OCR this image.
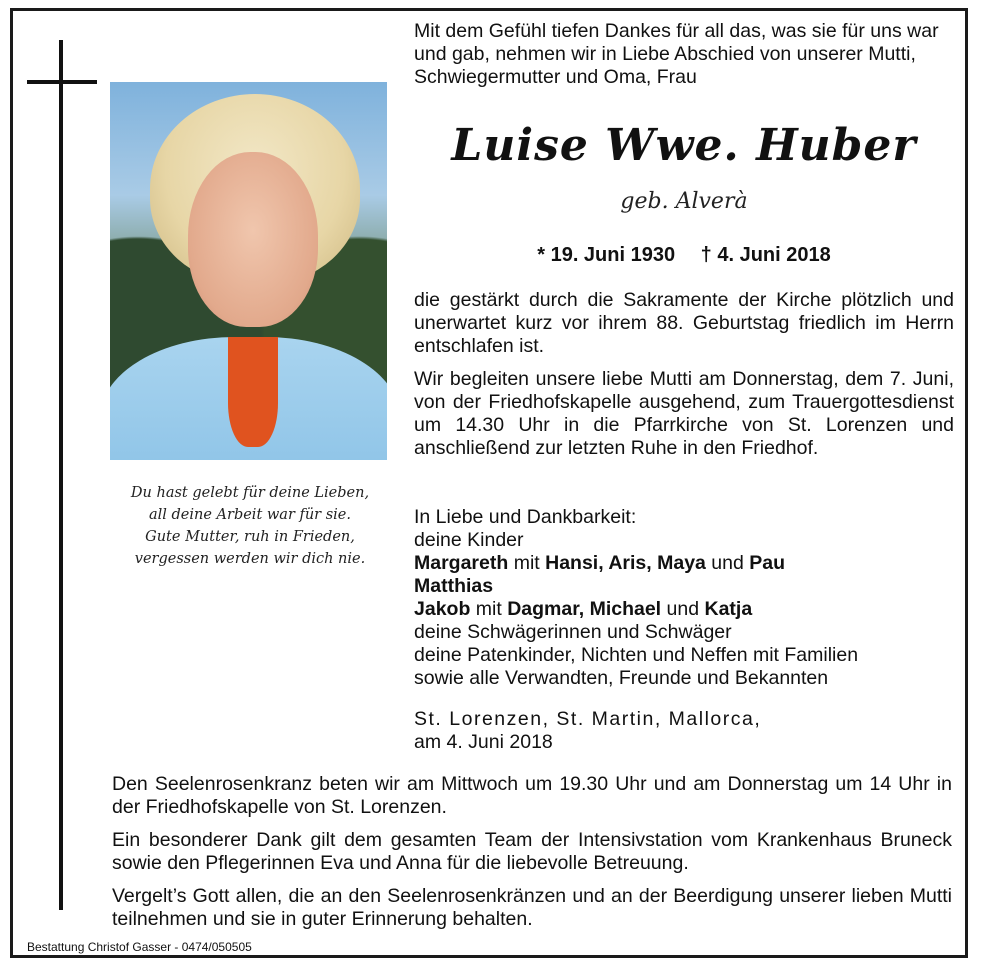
Du hast gelebt für deine Lieben,
all deine Arbeit war für sie.
Gute Mutter, ruh in Frieden,
vergessen werden wir dich nie.
Mit dem Gefühl tiefen Dankes für all das, was sie für uns war und gab, nehmen wir in Liebe Abschied von unserer Mutti, Schwiegermutter und Oma, Frau
Luise Wwe. Huber
geb. Alverà
* 19. Juni 1930 † 4. Juni 2018
die gestärkt durch die Sakramente der Kirche plötzlich und unerwartet kurz vor ihrem 88. Geburtstag friedlich im Herrn entschlafen ist.
Wir begleiten unsere liebe Mutti am Donnerstag, dem 7. Juni, von der Friedhofskapelle ausgehend, zum Trauergottesdienst um 14.30 Uhr in die Pfarrkirche von St. Lorenzen und anschließend zur letzten Ruhe in den Friedhof.

In Liebe und Dankbarkeit:

deine Kinder

Margareth mit Hansi, Aris, Maya und Pau

Matthias

Jakob mit Dagmar, Michael und Katja

deine Schwägerinnen und Schwäger

deine Patenkinder, Nichten und Neffen mit Familien

sowie alle Verwandten, Freunde und Bekannten

St. Lorenzen, St. Martin, Mallorca,

am 4. Juni 2018

Den Seelenrosenkranz beten wir am Mittwoch um 19.30 Uhr und am Donnerstag um 14 Uhr in der Friedhofskapelle von St. Lorenzen.
Ein besonderer Dank gilt dem gesamten Team der Intensivstation vom Krankenhaus Bruneck sowie den Pflegerinnen Eva und Anna für die liebevolle Betreuung.
Vergelt’s Gott allen, die an den Seelenrosenkränzen und an der Beerdigung unserer lieben Mutti teilnehmen und sie in guter Erinnerung behalten.
Bestattung Christof Gasser - 0474/050505
